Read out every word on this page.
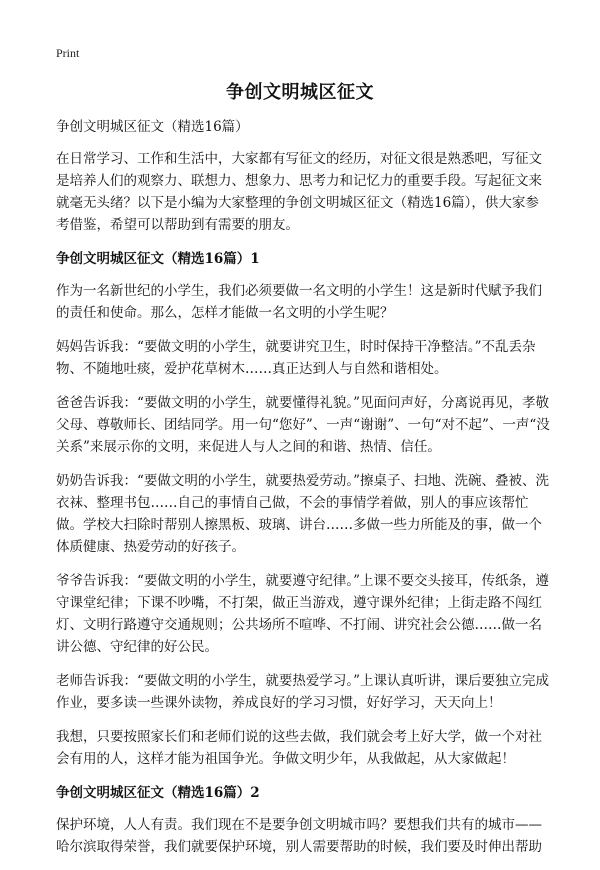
Print
争创文明城区征文

争创文明城区征文（精选16篇）

在日常学习、工作和生活中，大家都有写征文的经历，对征文很是熟悉吧，写征文是培养人们的观察力、联想力、想象力、思考力和记忆力的重要手段。写起征文来就毫无头绪？以下是小编为大家整理的争创文明城区征文（精选16篇），供大家参考借鉴，希望可以帮助到有需要的朋友。

争创文明城区征文（精选16篇）1

作为一名新世纪的小学生，我们必须要做一名文明的小学生！这是新时代赋予我们的责任和使命。那么，怎样才能做一名文明的小学生呢？

妈妈告诉我：“要做文明的小学生，就要讲究卫生，时时保持干净整洁。”不乱丢杂物、不随地吐痰，爱护花草树木……真正达到人与自然和谐相处。

爸爸告诉我：“要做文明的小学生，就要懂得礼貌。”见面问声好，分离说再见，孝敬父母、尊敬师长、团结同学。用一句“您好”、一声“谢谢”、一句“对不起”、一声“没关系”来展示你的文明，来促进人与人之间的和谐、热情、信任。

奶奶告诉我：“要做文明的小学生，就要热爱劳动。”擦桌子、扫地、洗碗、叠被、洗衣袜、整理书包……自己的事情自己做，不会的事情学着做，别人的事应该帮忙做。学校大扫除时帮别人擦黑板、玻璃、讲台……多做一些力所能及的事，做一个体质健康、热爱劳动的好孩子。

爷爷告诉我：“要做文明的小学生，就要遵守纪律。”上课不要交头接耳，传纸条，遵守课堂纪律；下课不吵嘴，不打架，做正当游戏，遵守课外纪律；上街走路不闯红灯、文明行路遵守交通规则；公共场所不喧哗、不打闹、讲究社会公德……做一名讲公德、守纪律的好公民。

老师告诉我：“要做文明的小学生，就要热爱学习。”上课认真听讲，课后要独立完成作业，要多读一些课外读物，养成良好的学习习惯，好好学习，天天向上！

我想，只要按照家长们和老师们说的这些去做，我们就会考上好大学，做一个对社会有用的人，这样才能为祖国争光。争做文明少年，从我做起，从大家做起！

争创文明城区征文（精选16篇）2

保护环境，人人有责。我们现在不是要争创文明城市吗？要想我们共有的城市——哈尔滨取得荣誉，我们就要保护环境，别人需要帮助的时候，我们要及时伸出帮助
